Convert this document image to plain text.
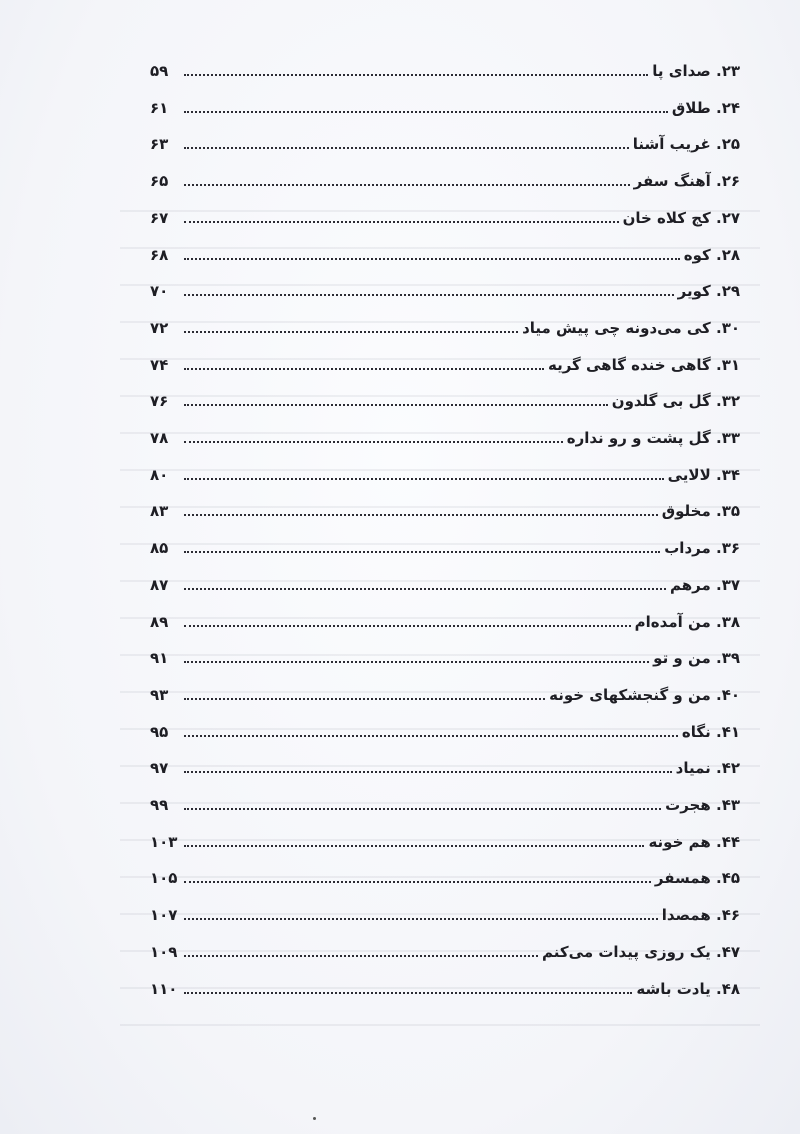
۵۹	۲۳. صدای پا
۶۱	۲۴. طلاق
۶۳	۲۵. غریب آشنا
۶۵	۲۶. آهنگ سفر
۶۷	۲۷. کج کلاه خان
۶۸	۲۸. کوه
۷۰	۲۹. کویر
۷۲	۳۰. کی می‌دونه چی پیش میاد
۷۴	۳۱. گاهی خنده گاهی گریه
۷۶	۳۲. گل بی گلدون
۷۸	۳۳. گل پشت و رو نداره
۸۰	۳۴. لالایی
۸۳	۳۵. مخلوق
۸۵	۳۶. مرداب
۸۷	۳۷. مرهم
۸۹	۳۸. من آمده‌ام
۹۱	۳۹. من و تو
۹۳	۴۰. من و گنجشکهای خونه
۹۵	۴۱. نگاه
۹۷	۴۲. نمیاد
۹۹	۴۳. هجرت
۱۰۳	۴۴. هم خونه
۱۰۵	۴۵. همسفر
۱۰۷	۴۶. همصدا
۱۰۹	۴۷. یک روزی پیدات می‌کنم
۱۱۰	۴۸. یادت باشه
